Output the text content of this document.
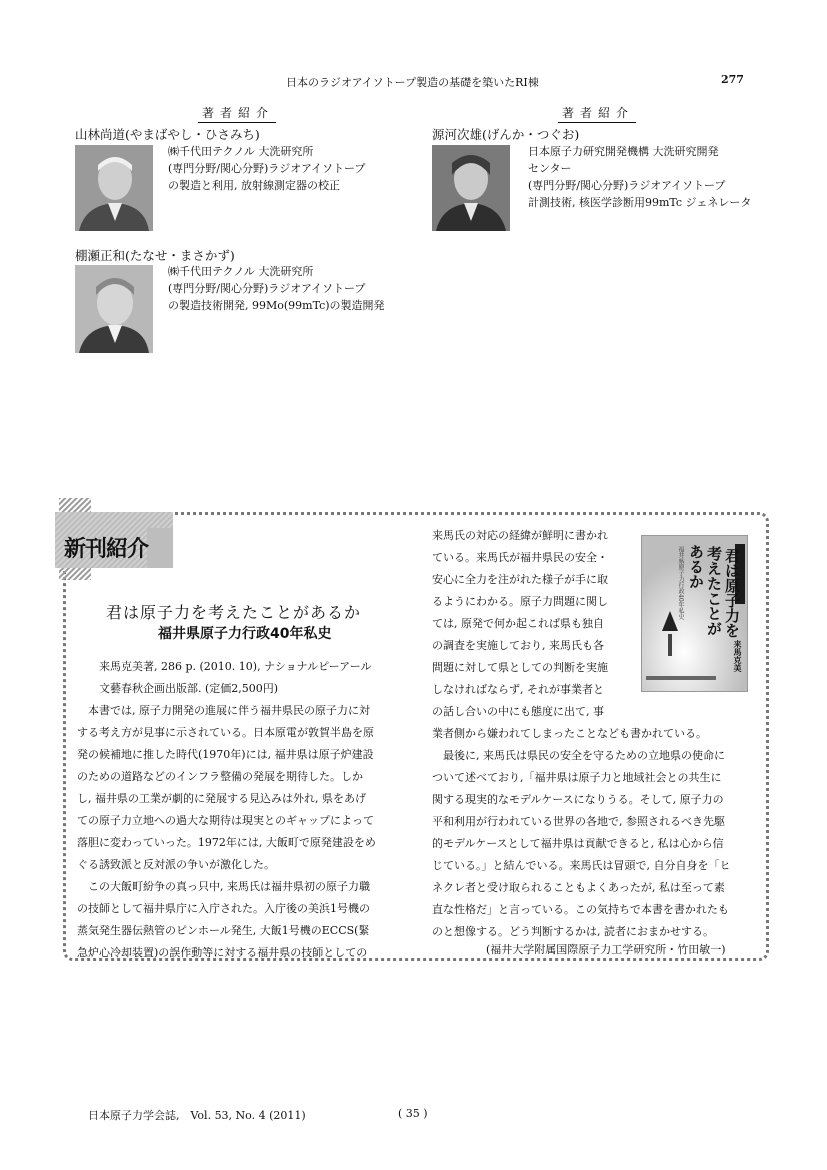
日本のラジオアイソトープ製造の基礎を築いたRI棟	277
著者紹介	著者紹介
山林尚道(やまばやし・ひさみち)
㈱千代田テクノル 大洗研究所
(専門分野/関心分野)ラジオアイソトープ
の製造と利用, 放射線測定器の校正
棚瀬正和(たなせ・まさかず)
㈱千代田テクノル 大洗研究所
(専門分野/関心分野)ラジオアイソトープ
の製造技術開発, 99Mo(99mTc)の製造開発
源河次雄(げんか・つぐお)
日本原子力研究開発機構 大洗研究開発
センター
(専門分野/関心分野)ラジオアイソトープ
計測技術, 核医学診断用99mTc ジェネレータ
新刊紹介
君は原子力を考えたことがあるか
福井県原子力行政40年私史
来馬克美著, 286 p. (2010. 10), ナショナルピーアール
文藝春秋企画出版部. (定価2,500円)
　本書では, 原子力開発の進展に伴う福井県民の原子力に対
する考え方が見事に示されている。日本原電が敦賀半島を原
発の候補地に推した時代(1970年)には, 福井県は原子炉建設
のための道路などのインフラ整備の発展を期待した。しか
し, 福井県の工業が劇的に発展する見込みは外れ, 県をあげ
ての原子力立地への過大な期待は現実とのギャップによって
落胆に変わっていった。1972年には, 大飯町で原発建設をめ
ぐる誘致派と反対派の争いが激化した。
　この大飯町紛争の真っ只中, 来馬氏は福井県初の原子力職
の技師として福井県庁に入庁された。入庁後の美浜1号機の
蒸気発生器伝熱管のピンホール発生, 大飯1号機のECCS(緊
急炉心冷却装置)の誤作動等に対する福井県の技師としての
来馬氏の対応の経緯が鮮明に書かれ
ている。来馬氏が福井県民の安全・
安心に全力を注がれた様子が手に取
るようにわかる。原子力問題に関し
ては, 原発で何か起これば県も独自
の調査を実施しており, 来馬氏も各
問題に対して県としての判断を実施
しなければならず, それが事業者と
の話し合いの中にも態度に出て, 事
業者側から嫌われてしまったことなども書かれている。
　最後に, 来馬氏は県民の安全を守るための立地県の使命に
ついて述べており,「福井県は原子力と地域社会との共生に
関する現実的なモデルケースになりうる。そして, 原子力の
平和利用が行われている世界の各地で, 参照されるべき先駆
的モデルケースとして福井県は貢献できると, 私は心から信
じている。」と結んでいる。来馬氏は冒頭で, 自分自身を「ヒ
ネクレ者と受け取られることもよくあったが, 私は至って素
直な性格だ」と言っている。この気持ちで本書を書かれたも
のと想像する。どう判断するかは, 読者におまかせする。
(福井大学附属国際原子力工学研究所・竹田敏一)
君は原子力を
考えたことが
あるか
福井県原子力行政40年私史
来馬克美
日本原子力学会誌,　Vol. 53, No. 4 (2011)	( 35 )
